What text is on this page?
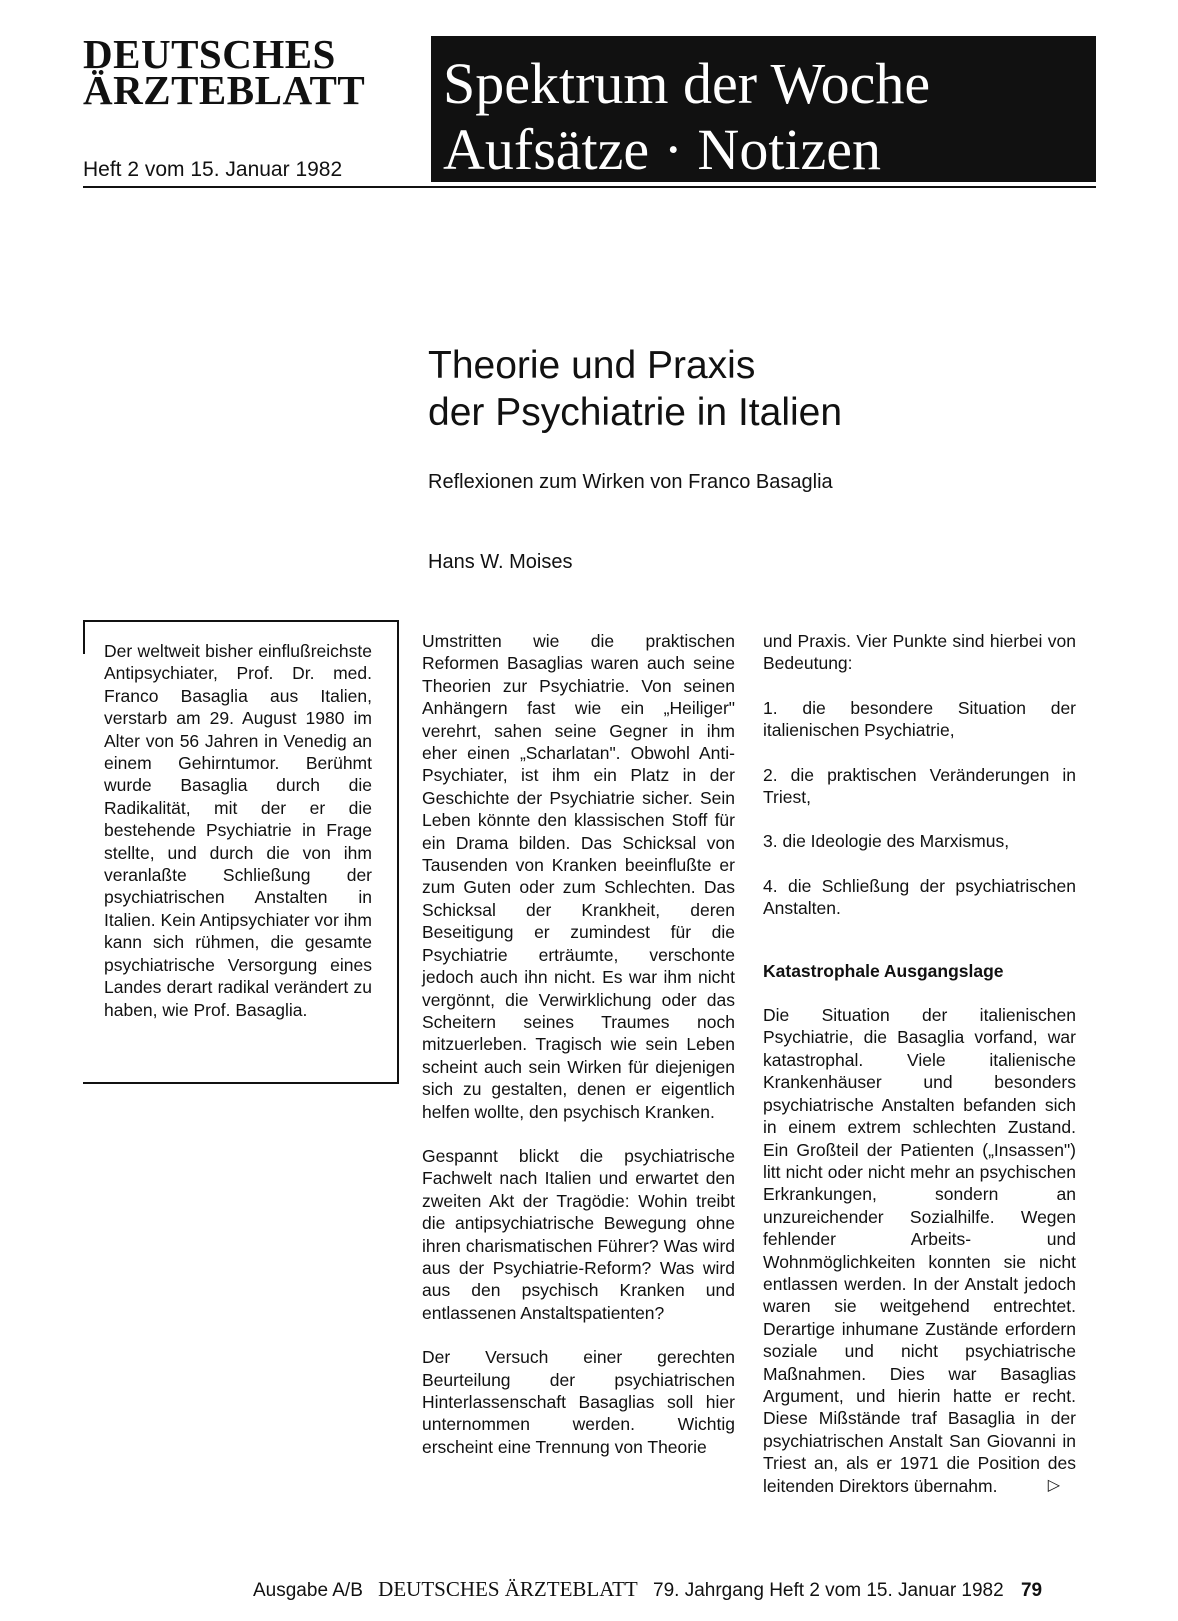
DEUTSCHES
ÄRZTEBLATT
Heft 2 vom 15. Januar 1982
Spektrum der Woche
Aufsätze · Notizen
Theorie und Praxis
der Psychiatrie in Italien
Reflexionen zum Wirken von Franco Basaglia
Hans W. Moises
Der weltweit bisher einflußreichste Antipsychiater, Prof. Dr. med. Franco Basaglia aus Italien, verstarb am 29. August 1980 im Alter von 56 Jahren in Venedig an einem Gehirntumor. Berühmt wurde Basaglia durch die Radikalität, mit der er die bestehende Psychiatrie in Frage stellte, und durch die von ihm veranlaßte Schließung der psychiatrischen Anstalten in Italien. Kein Antipsychiater vor ihm kann sich rühmen, die gesamte psychiatrische Versorgung eines Landes derart radikal verändert zu haben, wie Prof. Basaglia.

Umstritten wie die praktischen Reformen Basaglias waren auch seine Theorien zur Psychiatrie. Von seinen Anhängern fast wie ein „Heiliger" verehrt, sahen seine Gegner in ihm eher einen „Scharlatan". Obwohl Anti-Psychiater, ist ihm ein Platz in der Geschichte der Psychiatrie sicher. Sein Leben könnte den klassischen Stoff für ein Drama bilden. Das Schicksal von Tausenden von Kranken beeinflußte er zum Guten oder zum Schlechten. Das Schicksal der Krankheit, deren Beseitigung er zumindest für die Psychiatrie erträumte, verschonte jedoch auch ihn nicht. Es war ihm nicht vergönnt, die Verwirklichung oder das Scheitern seines Traumes noch mitzuerleben. Tragisch wie sein Leben scheint auch sein Wirken für diejenigen sich zu gestalten, denen er eigentlich helfen wollte, den psychisch Kranken.

Gespannt blickt die psychiatrische Fachwelt nach Italien und erwartet den zweiten Akt der Tragödie: Wohin treibt die antipsychiatrische Bewegung ohne ihren charismatischen Führer? Was wird aus der Psychiatrie-Reform? Was wird aus den psychisch Kranken und entlassenen Anstaltspatienten?

Der Versuch einer gerechten Beurteilung der psychiatrischen Hinterlassenschaft Basaglias soll hier unternommen werden. Wichtig erscheint eine Trennung von Theorie

und Praxis. Vier Punkte sind hierbei von Bedeutung:

1. die besondere Situation der italienischen Psychiatrie,

2. die praktischen Veränderungen in Triest,

3. die Ideologie des Marxismus,

4. die Schließung der psychiatrischen Anstalten.

Katastrophale Ausgangslage

Die Situation der italienischen Psychiatrie, die Basaglia vorfand, war katastrophal. Viele italienische Krankenhäuser und besonders psychiatrische Anstalten befanden sich in einem extrem schlechten Zustand. Ein Großteil der Patienten („Insassen") litt nicht oder nicht mehr an psychischen Erkrankungen, sondern an unzureichender Sozialhilfe. Wegen fehlender Arbeits- und Wohnmöglichkeiten konnten sie nicht entlassen werden. In der Anstalt jedoch waren sie weitgehend entrechtet. Derartige inhumane Zustände erfordern soziale und nicht psychiatrische Maßnahmen. Dies war Basaglias Argument, und hierin hatte er recht. Diese Mißstände traf Basaglia in der psychiatrischen Anstalt San Giovanni in Triest an, als er 1971 die Position des leitenden Direktors übernahm.	▷

Ausgabe A/B DEUTSCHES ÄRZTEBLATT 79. Jahrgang Heft 2 vom 15. Januar 1982 79
